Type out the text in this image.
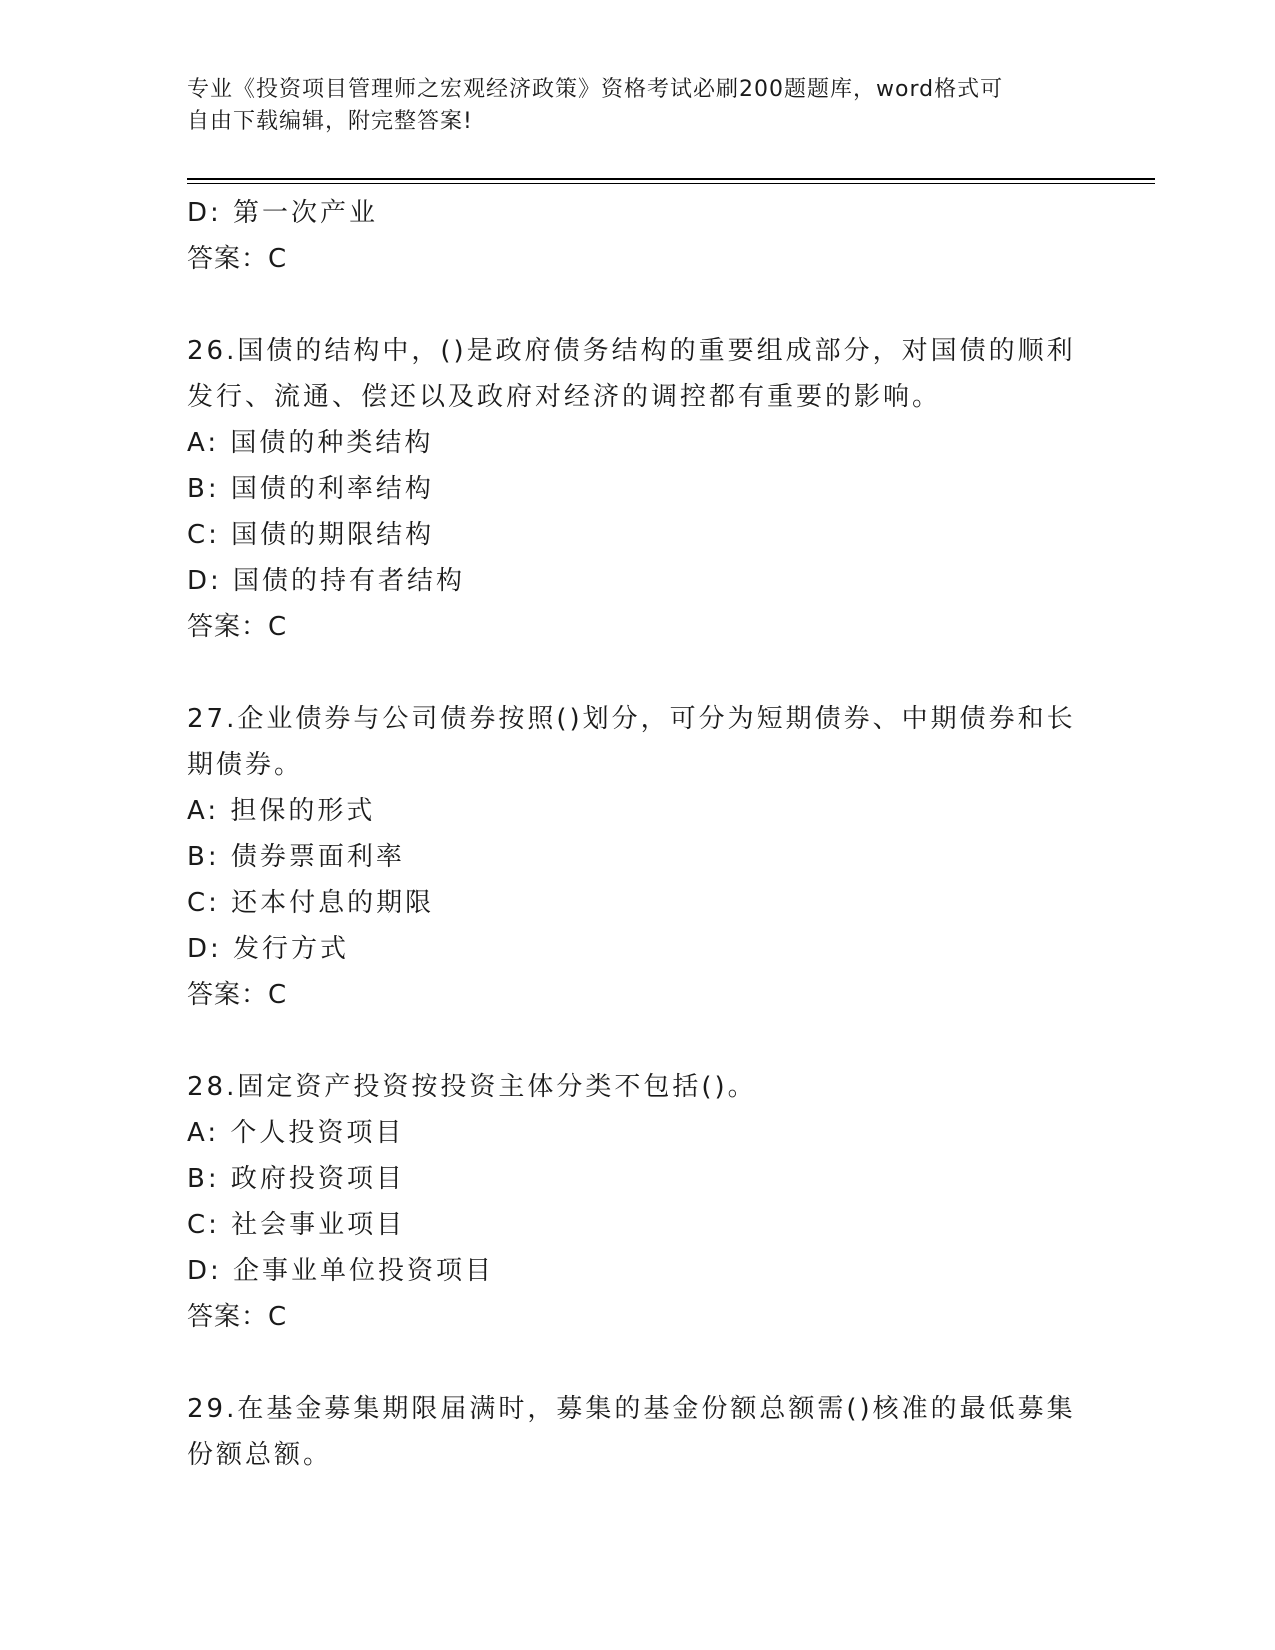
专业《投资项目管理师之宏观经济政策》资格考试必刷200题题库，word格式可
自由下载编辑，附完整答案!
D: 第一次产业
答案：C
26.国债的结构中，()是政府债务结构的重要组成部分，对国债的顺利
发行、流通、偿还以及政府对经济的调控都有重要的影响。
A: 国债的种类结构
B: 国债的利率结构
C: 国债的期限结构
D: 国债的持有者结构
答案：C
27.企业债券与公司债券按照()划分，可分为短期债券、中期债券和长
期债券。
A: 担保的形式
B: 债券票面利率
C: 还本付息的期限
D: 发行方式
答案：C
28.固定资产投资按投资主体分类不包括()。
A: 个人投资项目
B: 政府投资项目
C: 社会事业项目
D: 企事业单位投资项目
答案：C
29.在基金募集期限届满时，募集的基金份额总额需()核准的最低募集
份额总额。
